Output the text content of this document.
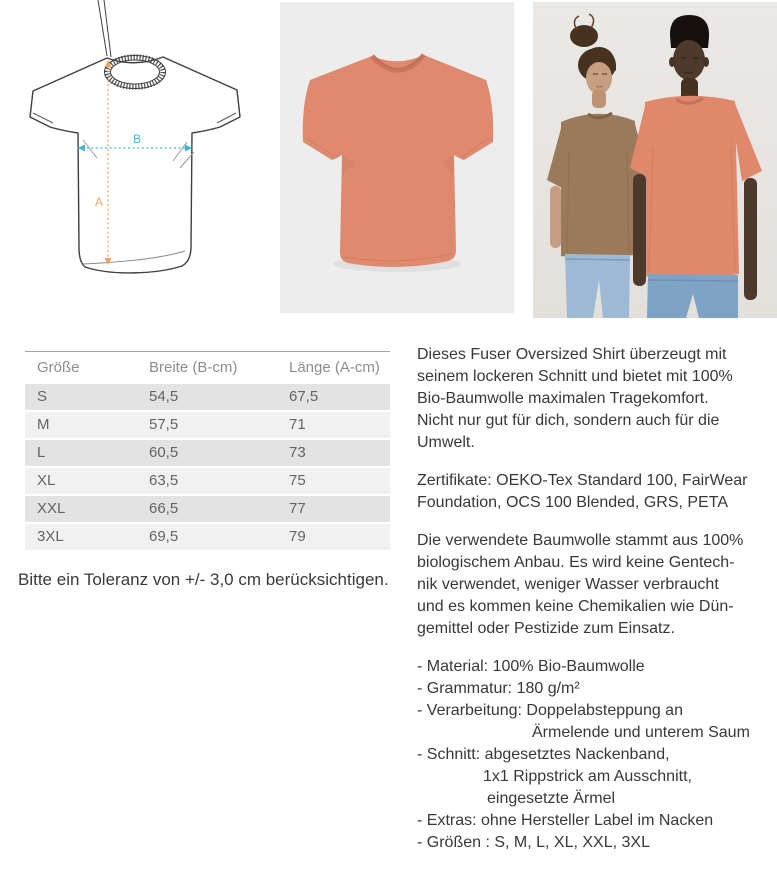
B
A
Größe	Breite (B-cm)	Länge (A-cm)
S	54,5	67,5
M	57,5	71
L	60,5	73
XL	63,5	75
XXL	66,5	77
3XL	69,5	79
Bitte ein Toleranz von +/- 3,0 cm berücksichtigen.
Dieses Fuser Oversized Shirt überzeugt mit
seinem lockeren Schnitt und bietet mit 100%
Bio-Baumwolle maximalen Tragekomfort.
Nicht nur gut für dich, sondern auch für die
Umwelt.
Zertifikate: OEKO-Tex Standard 100, FairWear
Foundation, OCS 100 Blended, GRS, PETA
Die verwendete Baumwolle stammt aus 100%
biologischem Anbau. Es wird keine Gentech-
nik verwendet, weniger Wasser verbraucht
und es kommen keine Chemikalien wie Dün-
gemittel oder Pestizide zum Einsatz.
- Material: 100% Bio-Baumwolle
- Grammatur: 180 g/m²
- Verarbeitung: Doppelabsteppung an
Ärmelende und unterem Saum
- Schnitt: abgesetztes Nackenband,
1x1 Rippstrick am Ausschnitt,
eingesetzte Ärmel
- Extras: ohne Hersteller Label im Nacken
- Größen : S, M, L, XL, XXL, 3XL
